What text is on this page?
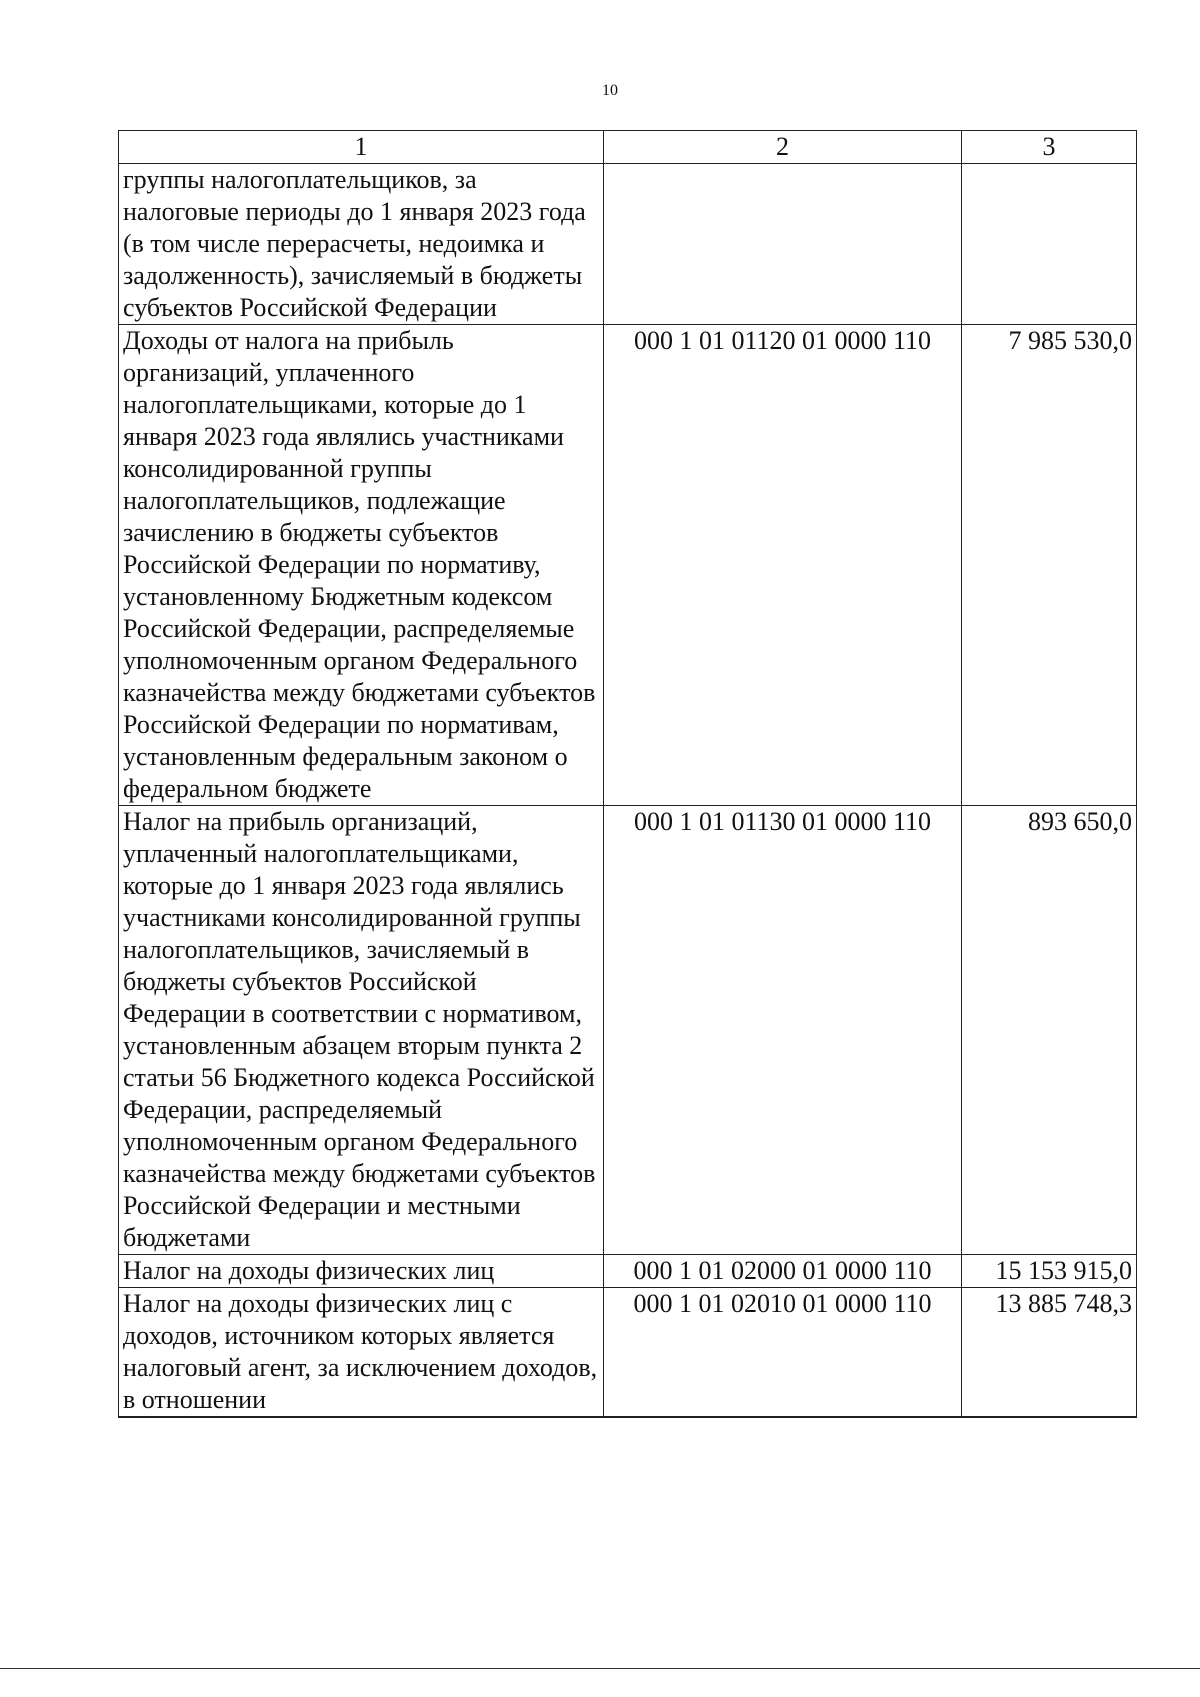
10
1	2	3
группы налогоплательщиков, за налоговые периоды до 1 января 2023 года (в том числе перерасчеты, недоимка и задолженность), зачисляемый в бюджеты субъектов Российской Федерации		
Доходы от налога на прибыль организаций, уплаченного налогоплательщиками, которые до 1 января 2023 года являлись участниками консолидированной группы налогоплательщиков, подлежащие зачислению в бюджеты субъектов Российской Федерации по нормативу, установленному Бюджетным кодексом Российской Федерации, распределяемые уполномоченным органом Федерального казначейства между бюджетами субъектов Российской Федерации по нормативам, установленным федеральным законом о федеральном бюджете	000 1 01 01120 01 0000 110	7 985 530,0
Налог на прибыль организаций, уплаченный налогоплательщиками, которые до 1 января 2023 года являлись участниками консолидированной группы налогоплательщиков, зачисляемый в бюджеты субъектов Российской Федерации в соответствии с нормативом, установленным абзацем вторым пункта 2 статьи 56 Бюджетного кодекса Российской Федерации, распределяемый уполномоченным органом Федерального казначейства между бюджетами субъектов Российской Федерации и местными бюджетами	000 1 01 01130 01 0000 110	893 650,0
Налог на доходы физических лиц	000 1 01 02000 01 0000 110	15 153 915,0
Налог на доходы физических лиц с доходов, источником которых является налоговый агент, за исключением доходов, в отношении	000 1 01 02010 01 0000 110	13 885 748,3
